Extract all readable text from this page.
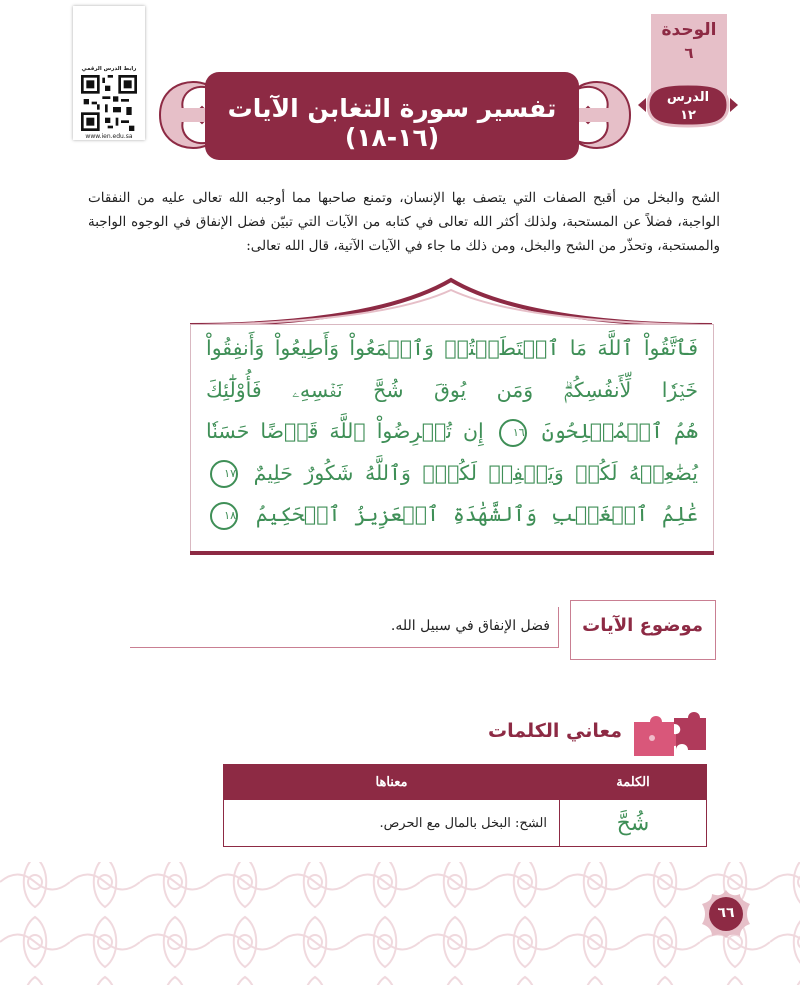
تفسير سورة التغابن الآيات (١٦-١٨)
رابط الدرس الرقمي
www.ien.edu.sa
الوحدة
٦
الدرس
١٢
الشح والبخل من أقبح الصفات التي يتصف بها الإنسان، وتمنع صاحبها مما أوجبه الله تعالى عليه من النفقات الواجبة، فضلاً عن المستحبة، ولذلك أكثر الله تعالى في كتابه من الآيات التي تبيّن فضل الإنفاق في الوجوه الواجبة والمستحبة، وتحذّر من الشح والبخل، ومن ذلك ما جاء في الآيات الآتية، قال الله تعالى:
فَٱتَّقُواْ ٱللَّهَ مَا ٱسۡتَطَعۡتُمۡ وَٱسۡمَعُواْ وَأَطِيعُواْ وَأَنفِقُواْ
خَيۡرٗا لِّأَنفُسِكُمۡۗ وَمَن يُوقَ شُحَّ نَفۡسِهِۦ فَأُوْلَٰٓئِكَ
هُمُ ٱلۡمُفۡلِحُونَ ١٦ إِن تُقۡرِضُواْ ٱللَّهَ قَرۡضًا حَسَنٗا
يُضَٰعِفۡهُ لَكُمۡ وَيَغۡفِرۡ لَكُمۡۚ وَٱللَّهُ شَكُورٌ حَلِيمٌ ١٧
عَٰلِمُ ٱلۡغَيۡبِ وَٱلشَّهَٰدَةِ ٱلۡعَزِيزُ ٱلۡحَكِيمُ ١٨
موضوع الآيات
فضل الإنفاق في سبيل الله.
معاني الكلمات
الكلمة	معناها
شُحَّ	الشح: البخل بالمال مع الحرص.
٦٦
